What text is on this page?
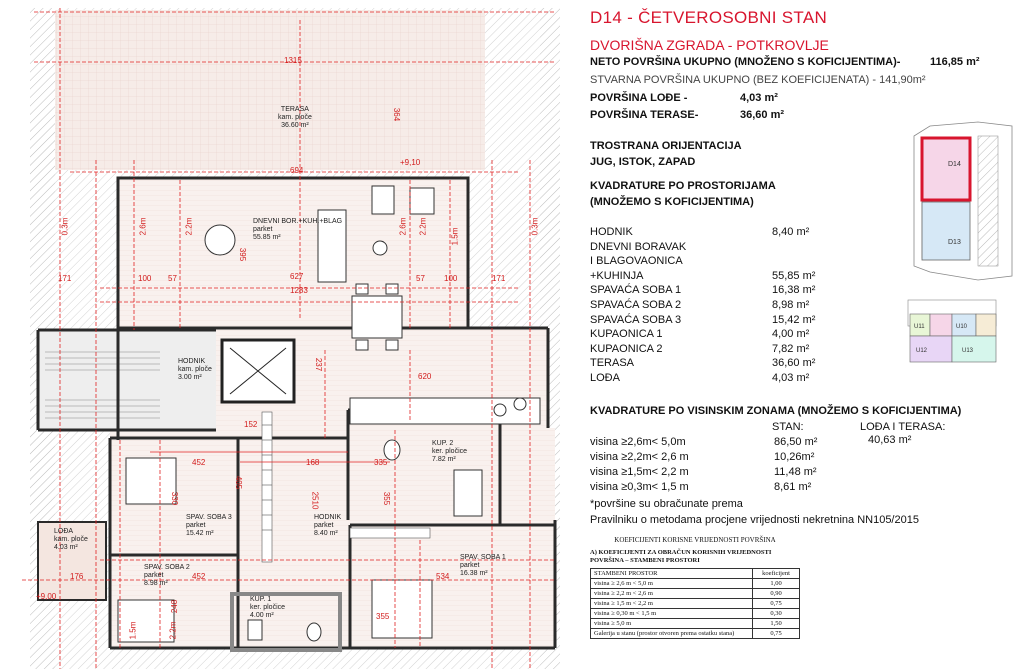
TERASA
kam. ploče
36.60 m²
DNEVNI BOR.+KUH.+BLAG
parket
55.85 m²
HODNIK
kam. ploče
3.00 m²
KUP. 2
ker. pločice
7.82 m²
SPAV. SOBA 3
parket
15.42 m²
HODNIK
parket
8.40 m²
LOĐA
kam. ploče
4.03 m²
SPAV. SOBA 2
parket
8.98 m²
SPAV. SOBA 1
parket
16.38 m²
KUP. 1
ker. pločice
4.00 m²
1315
694
627
1283
364
395
171	100 57	57 100	171
2.6m	2.2m
1.5m
0.3m	0.3m
2.6m 2.2m
+9,10
+9,00
237
152
168
405
330
452
452
176
2510
335
355
534
355
620
248
2.2m
1.5m
D14 - ČETVEROSOBNI STAN
DVORIŠNA ZGRADA - POTKROVLJE
NETO POVRŠINA UKUPNO (MNOŽENO S KOFICIJENTIMA)-	116,85 m²
STVARNA POVRŠINA UKUPNO (BEZ KOEFICIJENATA) - 141,90m²
POVRŠINA LOĐE -	4,03 m²
POVRŠINA TERASE-	36,60 m²
TROSTRANA ORIJENTACIJA
JUG, ISTOK, ZAPAD
KVADRATURE PO PROSTORIJAMA
(MNOŽEMO S KOFICIJENTIMA)
HODNIK	8,40 m²
DNEVNI BORAVAK
I BLAGOVAONICA
+KUHINJA	55,85 m²
SPAVAĆA SOBA 1	16,38 m²
SPAVAĆA SOBA 2	8,98 m²
SPAVAĆA SOBA 3	15,42 m²
KUPAONICA 1	4,00 m²
KUPAONICA 2	7,82 m²
TERASA	36,60 m²
LOĐA	4,03 m²
KVADRATURE PO VISINSKIM ZONAMA (MNOŽEMO S KOFICIJENTIMA)
STAN:	LOĐA I TERASA:
40,63 m²
visina ≥2,6m< 5,0m	86,50 m²
visina ≥2,2m< 2,6 m	10,26m²
visina ≥1,5m< 2,2 m	11,48 m²
visina ≥0,3m< 1,5 m	8,61 m²
*površine su obračunate prema
Pravilniku o metodama procjene vrijednosti nekretnina NN105/2015
KOEFICIJENTI KORISNE VRIJEDNOSTI POVRŠINA
A) KOEFICIJENTI ZA OBRAČUN KORISNIH VRIJEDNOSTI POVRŠINA – STAMBENI PROSTORI
STAMBENI PROSTOR	koeficijent
visina ≥ 2,6 m < 5,0 m	1,00
visina ≥ 2,2 m < 2,6 m	0,90
visina ≥ 1,5 m < 2,2 m	0,75
visina ≥ 0,30 m < 1,5 m	0,30
visina ≥ 5,0 m	1,50
Galerija u stanu (prostor otvoren prema ostatku stana)	0,75
D14
D13
U11	U10
U12	U13
